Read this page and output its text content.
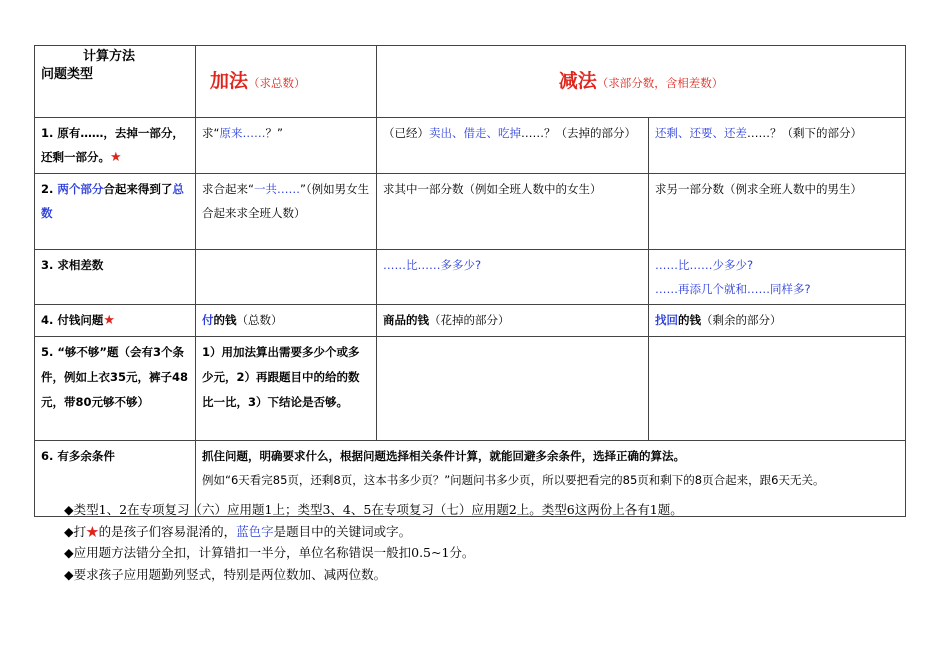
计算方法
问题类型	加法（求总数）	减法（求部分数，含相差数）	
1. 原有……，去掉一部分，还剩一部分。★	求“原来……？”	（已经）卖出、借走、吃掉……？（去掉的部分）	还剩、还要、还差……？（剩下的部分）
2. 两个部分合起来得到了总数	求合起来“一共……”（例如男女生合起来求全班人数）	求其中一部分数（例如全班人数中的女生）	求另一部分数（例求全班人数中的男生）
3. 求相差数		……比……多多少?	……比……少多少?
……再添几个就和……同样多?

4. 付钱问题★	付的钱（总数）	商品的钱（花掉的部分）	找回的钱（剩余的部分）
5. “够不够”题（会有3个条件，例如上衣35元，裤子48元，带80元够不够）	1）用加法算出需要多少个或多少元，2）再跟题目中的给的数比一比，3）下结论是否够。		
6. 有多余条件	抓住问题，明确要求什么，根据问题选择相关条件计算，就能回避多余条件，选择正确的算法。
例如“6天看完85页，还剩8页，这本书多少页？”问题问书多少页，所以要把看完的85页和剩下的8页合起来，跟6天无关。		
◆类型1、2在专项复习（六）应用题1上；类型3、4、5在专项复习（七）应用题2上。类型6这两份上各有1题。
◆打★的是孩子们容易混淆的，蓝色字是题目中的关键词或字。
◆应用题方法错分全扣，计算错扣一半分，单位名称错误一般扣0.5~1分。
◆要求孩子应用题勤列竖式，特别是两位数加、减两位数。
